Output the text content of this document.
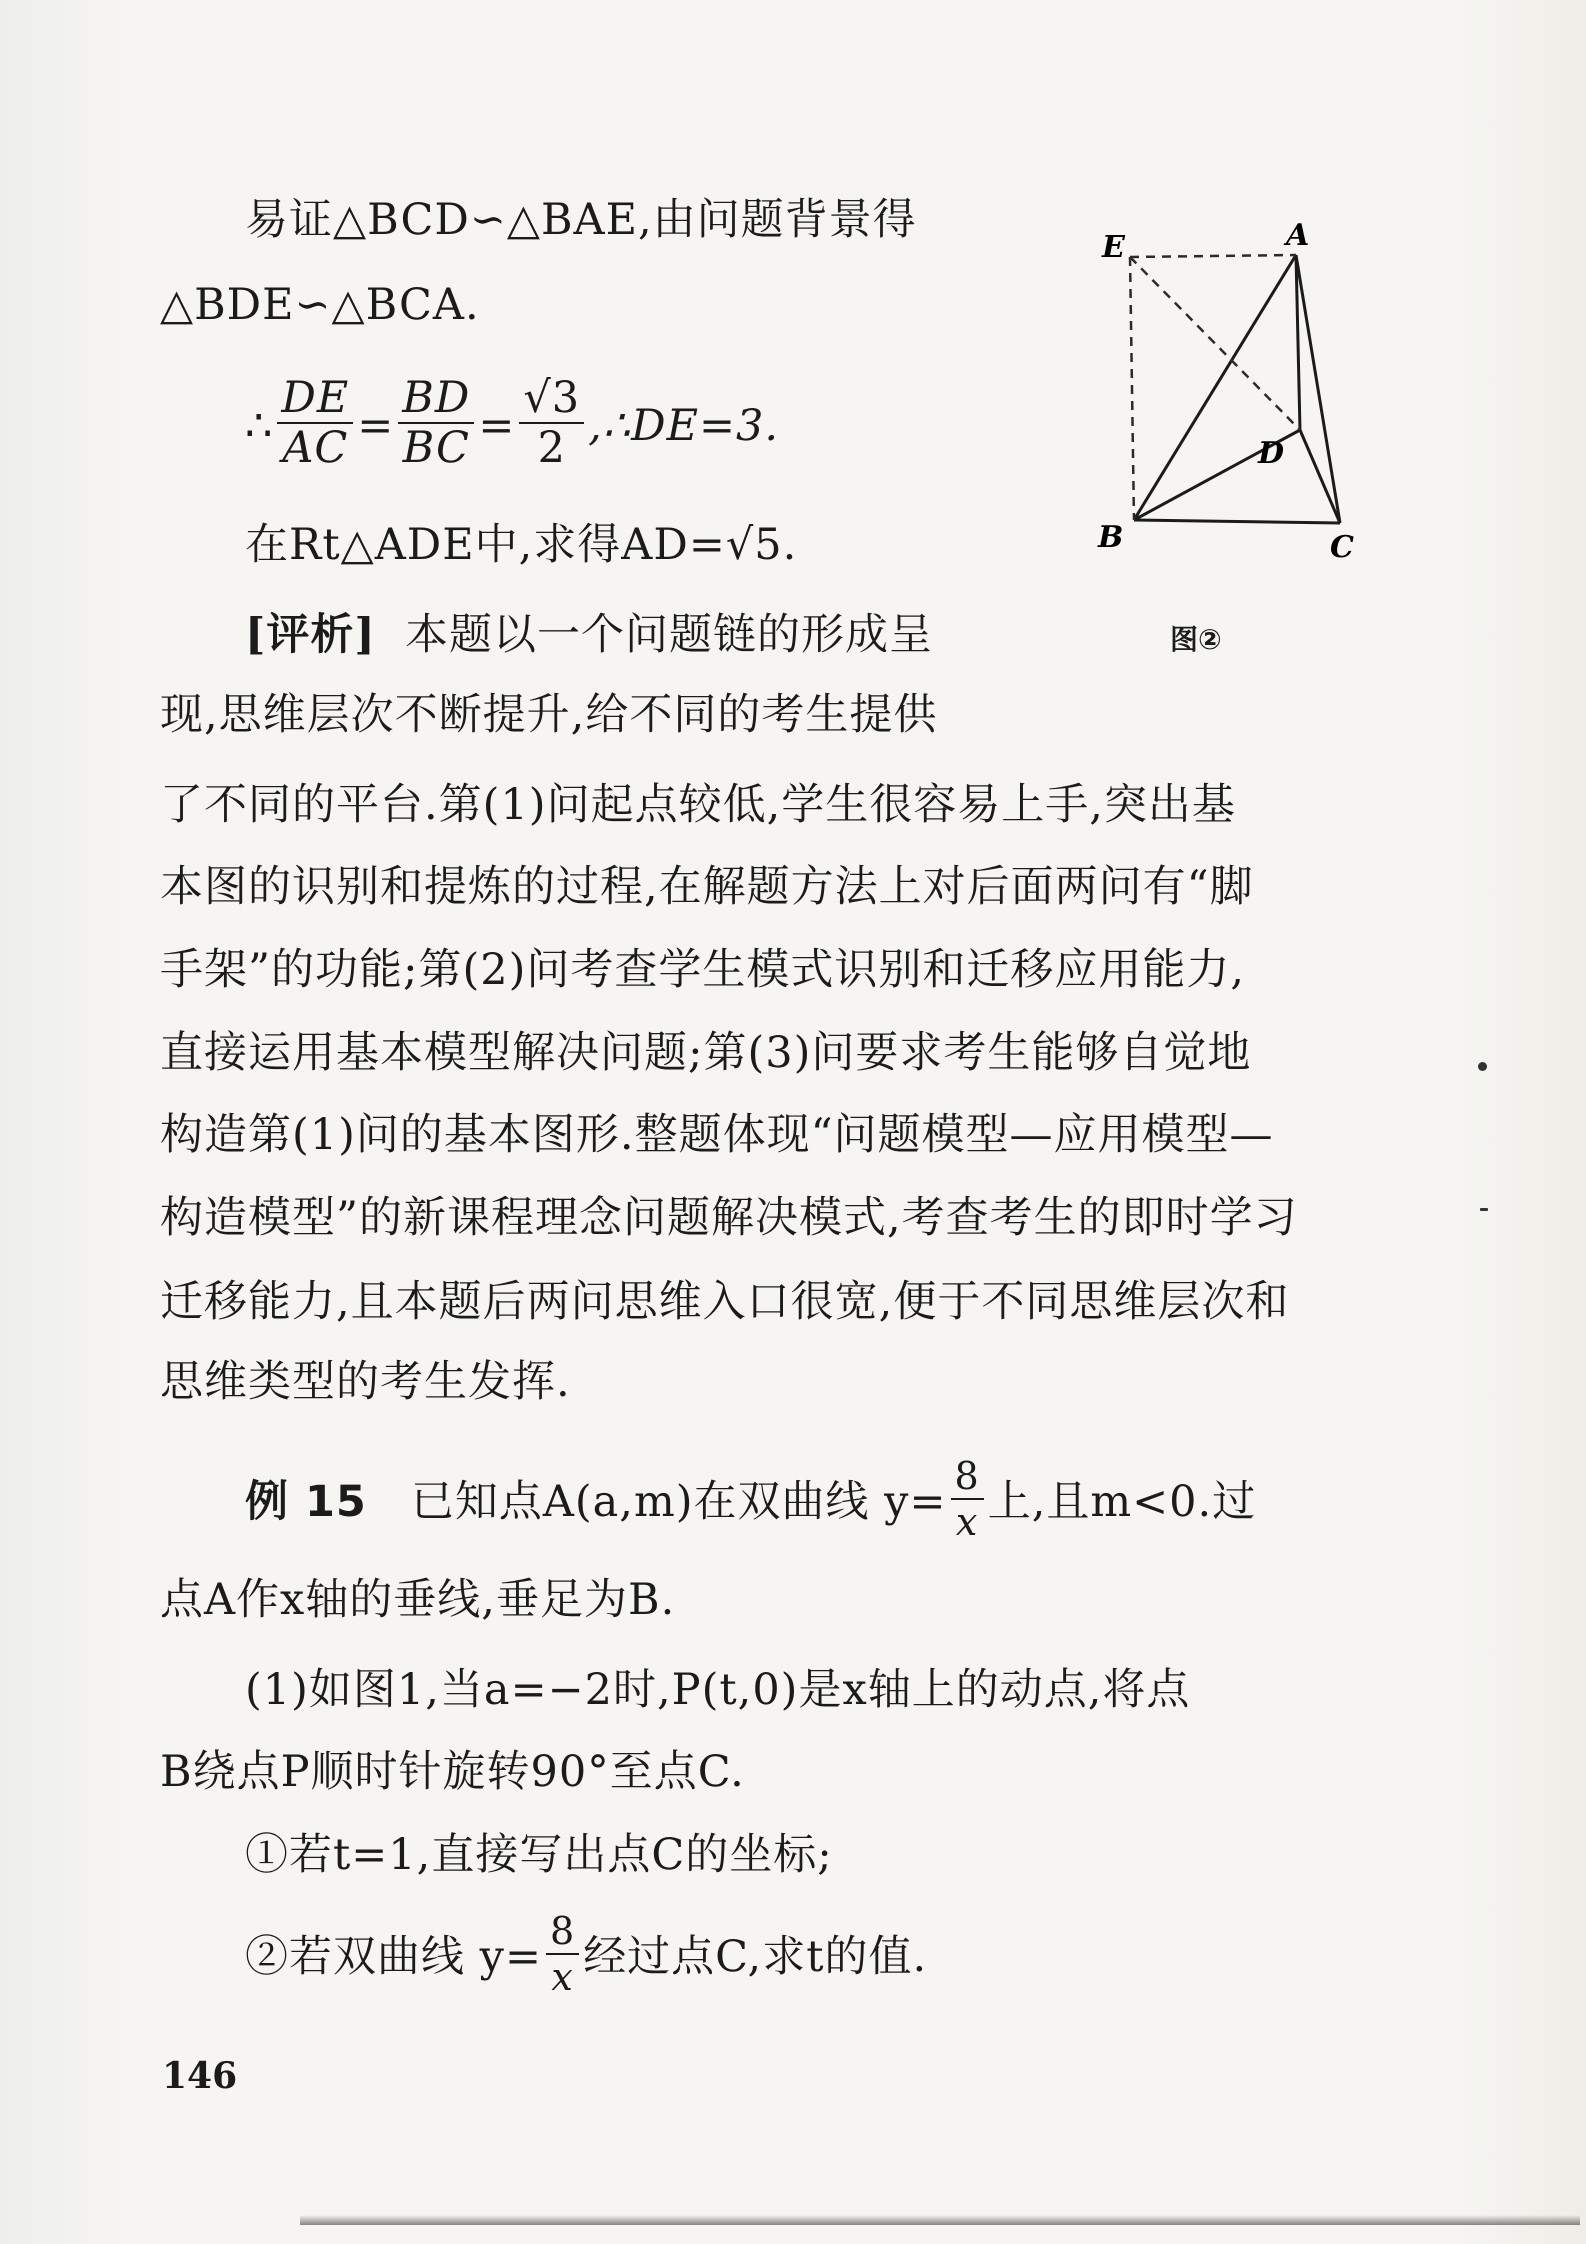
易证△BCD∽△BAE,由问题背景得
△BDE∽△BCA.
∴ $\frac{DE}{AC} = \frac{BD}{BC} = \frac{√3}{2}$ ,∴DE=3.
在Rt△ADE中,求得AD=√5.
E	A
D
B	C
图②
[评析] 本题以一个问题链的形成呈
现,思维层次不断提升,给不同的考生提供
了不同的平台.第(1)问起点较低,学生很容易上手,突出基
本图的识别和提炼的过程,在解题方法上对后面两问有“脚
手架”的功能;第(2)问考查学生模式识别和迁移应用能力,
直接运用基本模型解决问题;第(3)问要求考生能够自觉地
构造第(1)问的基本图形.整题体现“问题模型—应用模型—
构造模型”的新课程理念问题解决模式,考查考生的即时学习
迁移能力,且本题后两问思维入口很宽,便于不同思维层次和
思维类型的考生发挥.
例 15 已知点A(a,m)在双曲线 $y= \frac{8}{x}$ 上,且m<0.过
点A作x轴的垂线,垂足为B.
(1)如图1,当a=−2时,P(t,0)是x轴上的动点,将点
B绕点P顺时针旋转90°至点C.
①若t=1,直接写出点C的坐标;
②若双曲线 $y= \frac{8}{x}$ 经过点C,求t的值.
146
